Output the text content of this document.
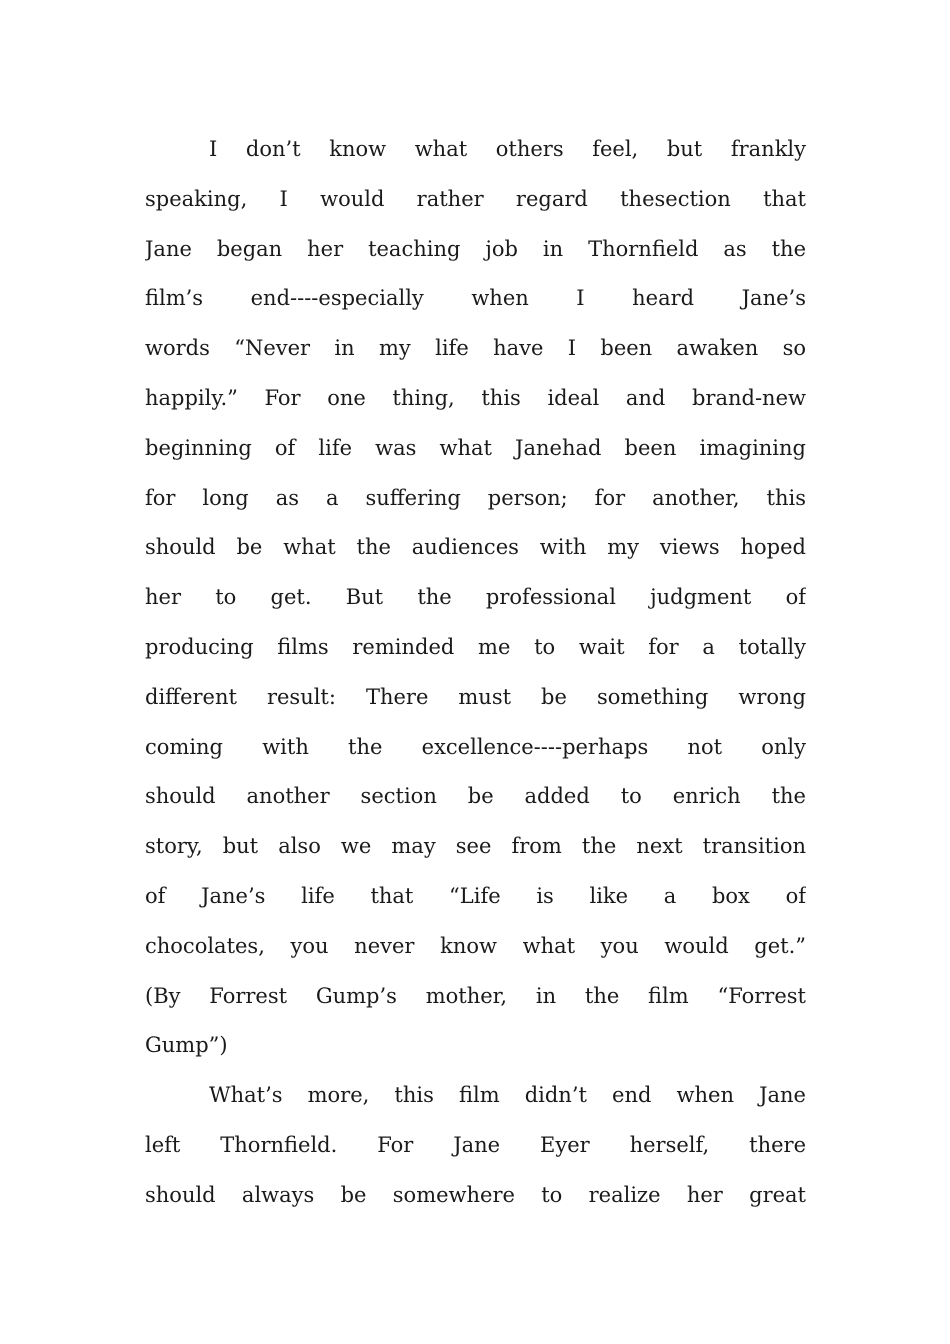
I don’t know what others feel, but frankly
speaking, I would rather regard thesection that
Jane began her teaching job in Thornfield as the
film’s end----especially when I heard Jane’s
words “Never in my life have I been awaken so
happily.” For one thing, this ideal and brand-new
beginning of life was what Janehad been imagining
for long as a suffering person; for another, this
should be what the audiences with my views hoped
her to get. But the professional judgment of
producing films reminded me to wait for a totally
different result: There must be something wrong
coming with the excellence----perhaps not only
should another section be added to enrich the
story, but also we may see from the next transition
of Jane’s life that “Life is like a box of
chocolates, you never know what you would get.”
(By Forrest Gump’s mother, in the film “Forrest
Gump”)
What’s more, this film didn’t end when Jane
left Thornfield. For Jane Eyer herself, there
should always be somewhere to realize her great
